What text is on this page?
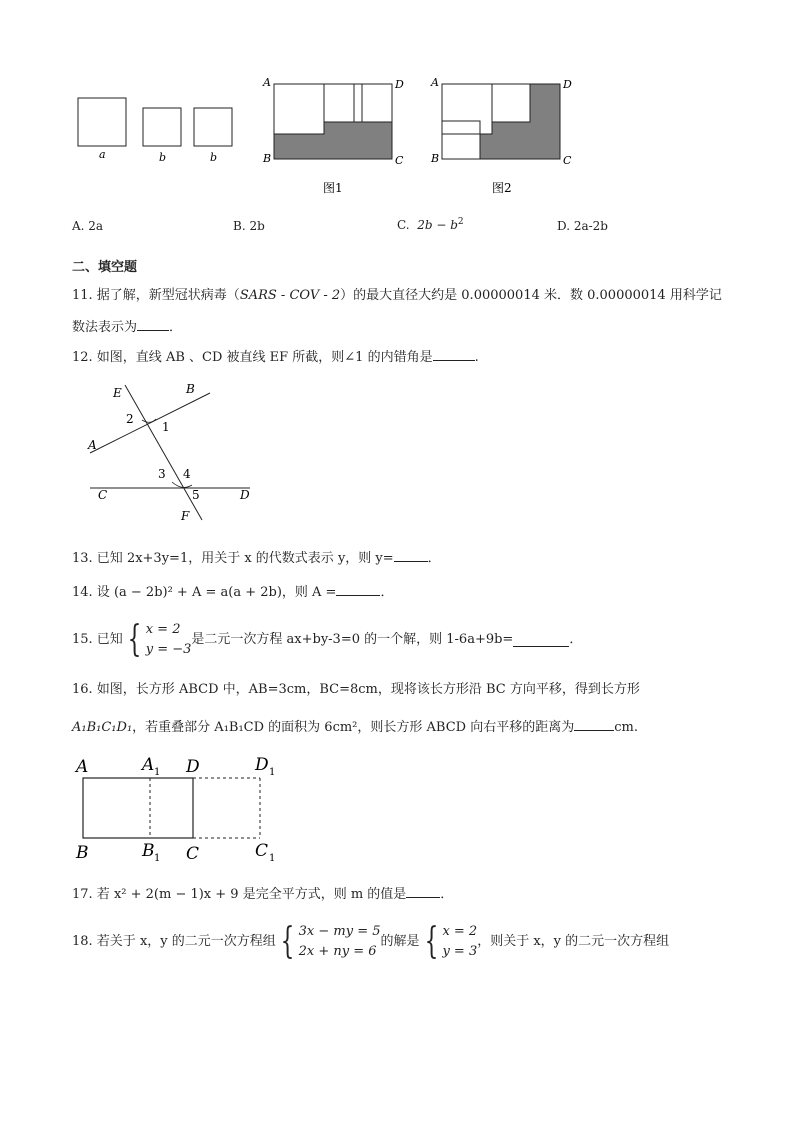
a	b	b
A	D
B	C
图1
A	D
B	C
图2
A. 2a	B. 2b	C. $2b - b^2$	D. 2a-2b
二、填空题
11. 据了解，新型冠状病毒（SARS - COV - 2）的最大直径大约是 0.00000014 米．数 0.00000014 用科学记
数法表示为 ．
12. 如图，直线 AB 、CD 被直线 EF 所截，则∠1 的内错角是	.
E	B
2
1
A
3 4
C	5	D
F
13. 已知 2x+3y=1，用关于 x 的代数式表示 y，则 y=	．
14. 设 (a − 2b)² + A = a(a + 2b)，则 A =	．
15. 已知 { x = 2
y = −3是二元一次方程 ax+by-3=0 的一个解，则 1-6a+9b=	．
16. 如图，长方形 ABCD 中，AB=3cm，BC=8cm，现将该长方形沿 BC 方向平移，得到长方形
A₁B₁C₁D₁，若重叠部分 A₁B₁CD 的面积为 6cm²，则长方形 ABCD 向右平移的距离为	cm.
A	A 1 D	D 1
B	B 1 C	C 1
17. 若 x² + 2(m − 1)x + 9 是完全平方式，则 m 的值是	．
18. 若关于 x，y 的二元一次方程组 { 3x − my = 5
2x + ny = 6的解是 { x = 2
y = 3，则关于 x，y 的二元一次方程组
